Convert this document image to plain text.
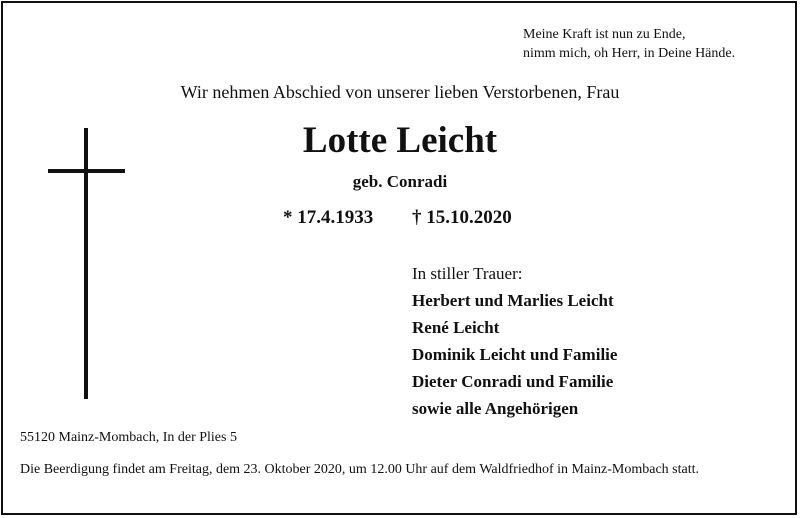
Meine Kraft ist nun zu Ende,
nimm mich, oh Herr, in Deine Hände.
Wir nehmen Abschied von unserer lieben Verstorbenen, Frau
Lotte Leicht
geb. Conradi
* 17.4.1933 † 15.10.2020
In stiller Trauer:
Herbert und Marlies Leicht
René Leicht
Dominik Leicht und Familie
Dieter Conradi und Familie
sowie alle Angehörigen
55120 Mainz-Mombach, In der Plies 5
Die Beerdigung findet am Freitag, dem 23. Oktober 2020, um 12.00 Uhr auf dem Waldfriedhof in Mainz-Mombach statt.
